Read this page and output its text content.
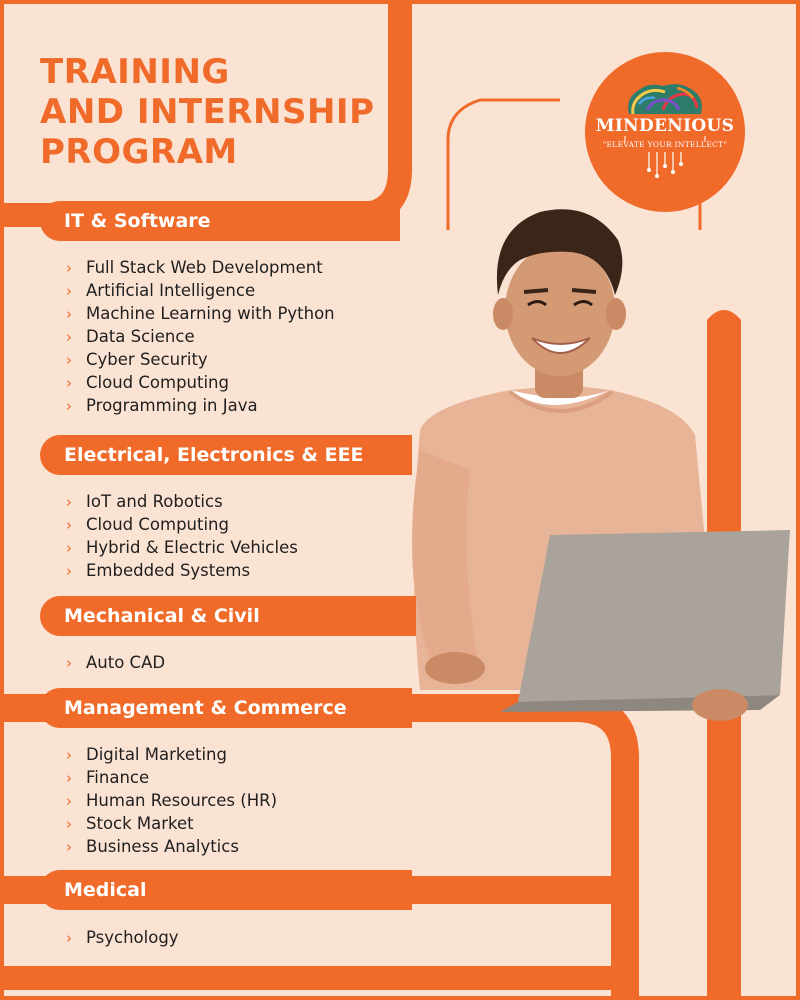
TRAINING
AND INTERNSHIP
PROGRAM
MINDENIOUS
"ELEVATE YOUR INTELLECT"
IT & Software
› Full Stack Web Development
› Artificial Intelligence
› Machine Learning with Python
› Data Science
› Cyber Security
› Cloud Computing
› Programming in Java
Electrical, Electronics & EEE
› IoT and Robotics
› Cloud Computing
› Hybrid & Electric Vehicles
› Embedded Systems
Mechanical & Civil
› Auto CAD
Management & Commerce
› Digital Marketing
› Finance
› Human Resources (HR)
› Stock Market
› Business Analytics
Medical
› Psychology
